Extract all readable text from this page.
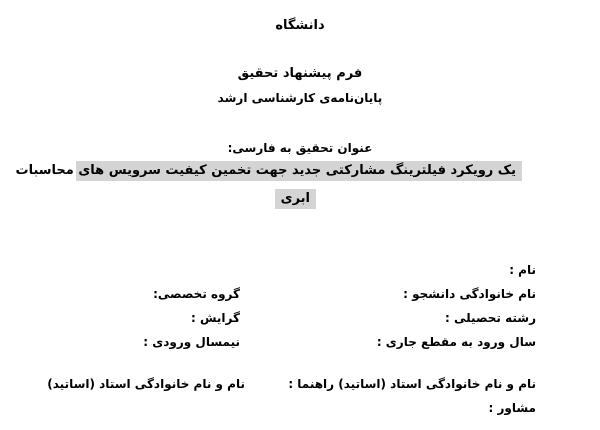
دانشگاه
فرم پیشنهاد تحقیق
پایان‌نامه‌ی کارشناسی ارشد
عنوان تحقیق به فارسی:
یک رویکرد فیلترینگ مشارکتی جدید جهت تخمین کیفیت سرویس های محاسبات
ابری
نام :
نام خانوادگی دانشجو :
رشته تحصیلی :
سال ورود به مقطع جاری :
گروه تخصصی:
گرایش :
نیمسال ورودی :
نام و نام خانوادگی استاد (اساتید) راهنما :
نام و نام خانوادگی استاد (اساتید)
مشاور :
